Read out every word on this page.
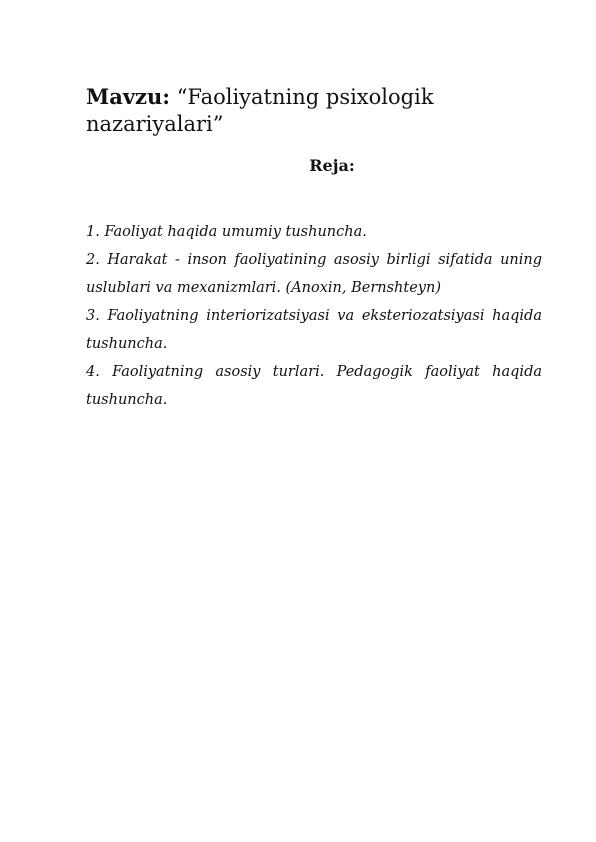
Mavzu: “Faoliyatning psixologik nazariyalari”
Reja:
1. Faoliyat haqida umumiy tushuncha.
2. Harakat - inson faoliyatining asosiy birligi sifatida uning uslublari va mexanizmlari. (Anoxin, Bernshteyn)
3. Faoliyatning interiorizatsiyasi va eksteriozatsiyasi haqida tushuncha.
4. Faoliyatning asosiy turlari. Pedagogik faoliyat haqida tushuncha.
